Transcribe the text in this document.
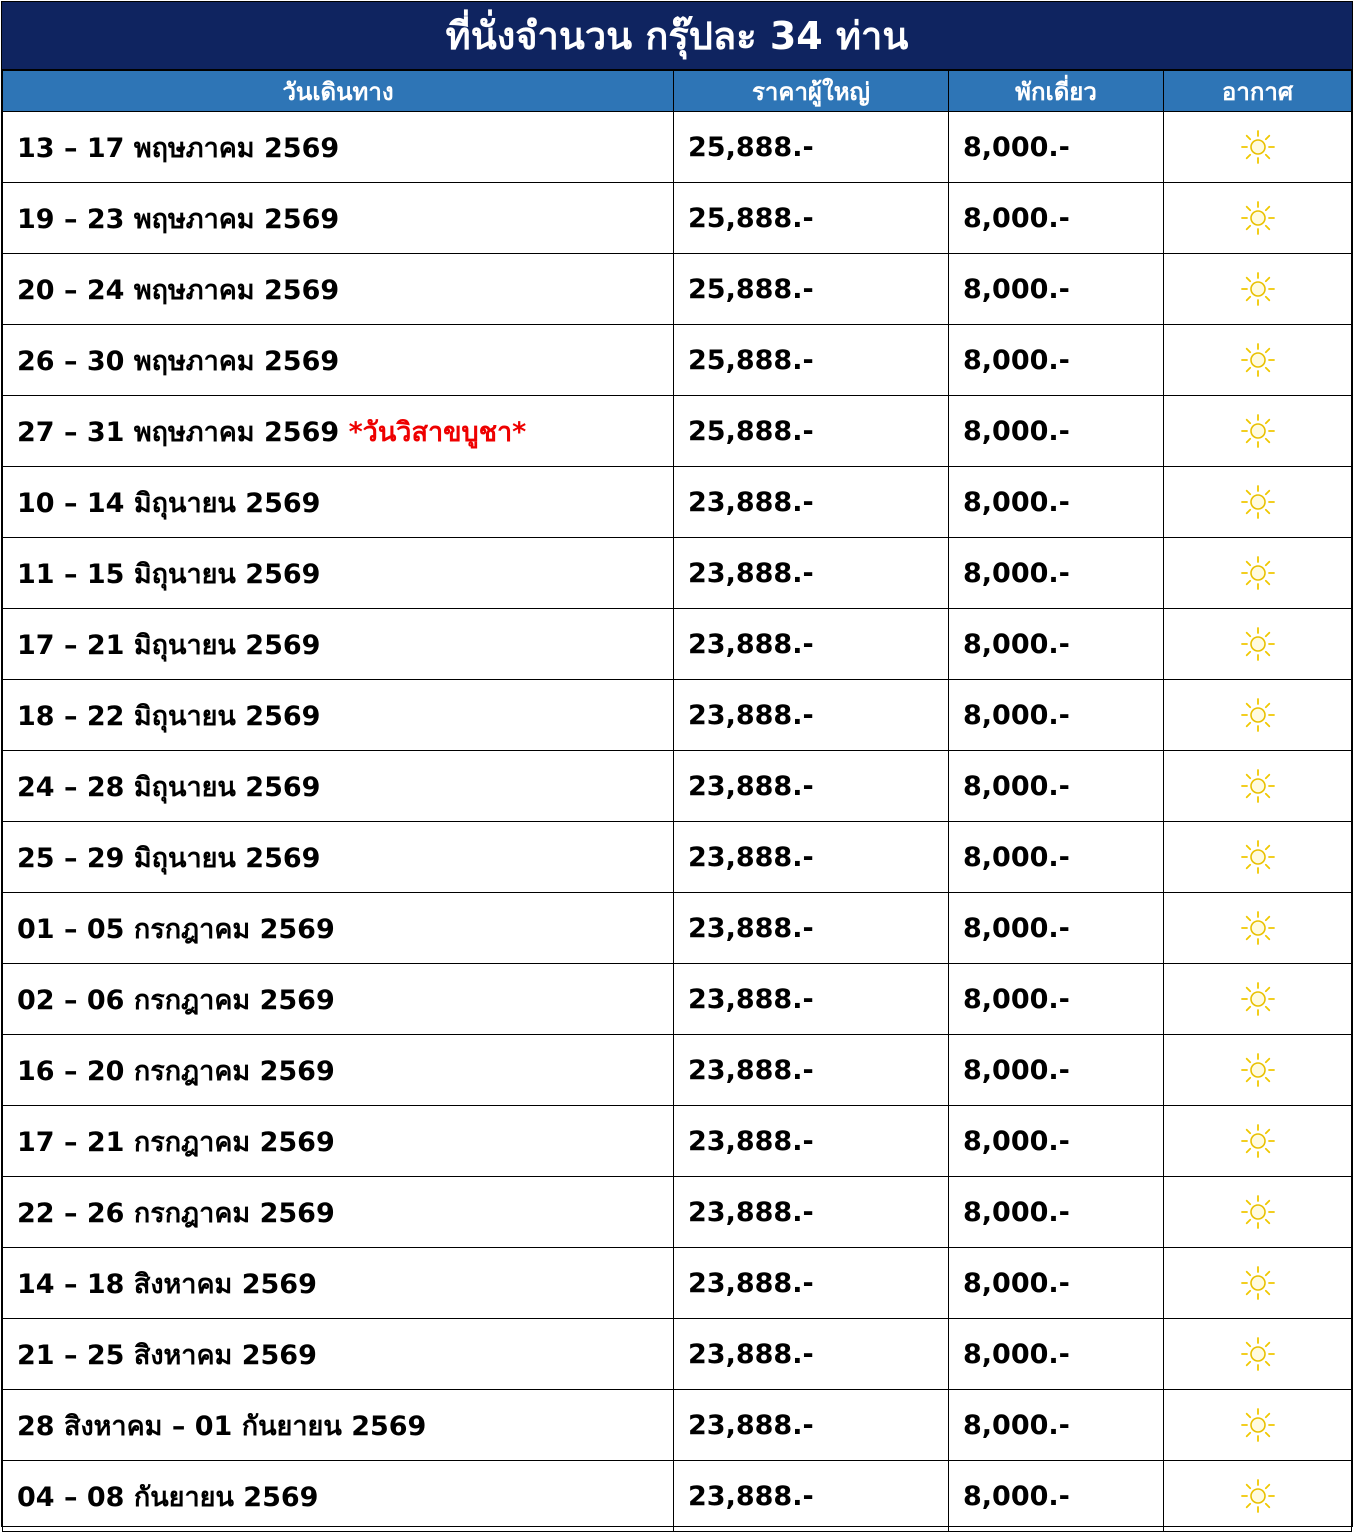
ที่นั่งจำนวน กรุ๊ปละ 34 ท่าน
วันเดินทาง	ราคาผู้ใหญ่	พักเดี่ยว	อากาศ
13 – 17 พฤษภาคม 2569	25,888.-	8,000.-	
19 – 23 พฤษภาคม 2569	25,888.-	8,000.-	
20 – 24 พฤษภาคม 2569	25,888.-	8,000.-	
26 – 30 พฤษภาคม 2569	25,888.-	8,000.-	
27 – 31 พฤษภาคม 2569 *วันวิสาขบูชา*	25,888.-	8,000.-	
10 – 14 มิถุนายน 2569	23,888.-	8,000.-	
11 – 15 มิถุนายน 2569	23,888.-	8,000.-	
17 – 21 มิถุนายน 2569	23,888.-	8,000.-	
18 – 22 มิถุนายน 2569	23,888.-	8,000.-	
24 – 28 มิถุนายน 2569	23,888.-	8,000.-	
25 – 29 มิถุนายน 2569	23,888.-	8,000.-	
01 – 05 กรกฎาคม 2569	23,888.-	8,000.-	
02 – 06 กรกฎาคม 2569	23,888.-	8,000.-	
16 – 20 กรกฎาคม 2569	23,888.-	8,000.-	
17 – 21 กรกฎาคม 2569	23,888.-	8,000.-	
22 – 26 กรกฎาคม 2569	23,888.-	8,000.-	
14 – 18 สิงหาคม 2569	23,888.-	8,000.-	
21 – 25 สิงหาคม 2569	23,888.-	8,000.-	
28 สิงหาคม – 01 กันยายน 2569	23,888.-	8,000.-	
04 – 08 กันยายน 2569	23,888.-	8,000.-	
